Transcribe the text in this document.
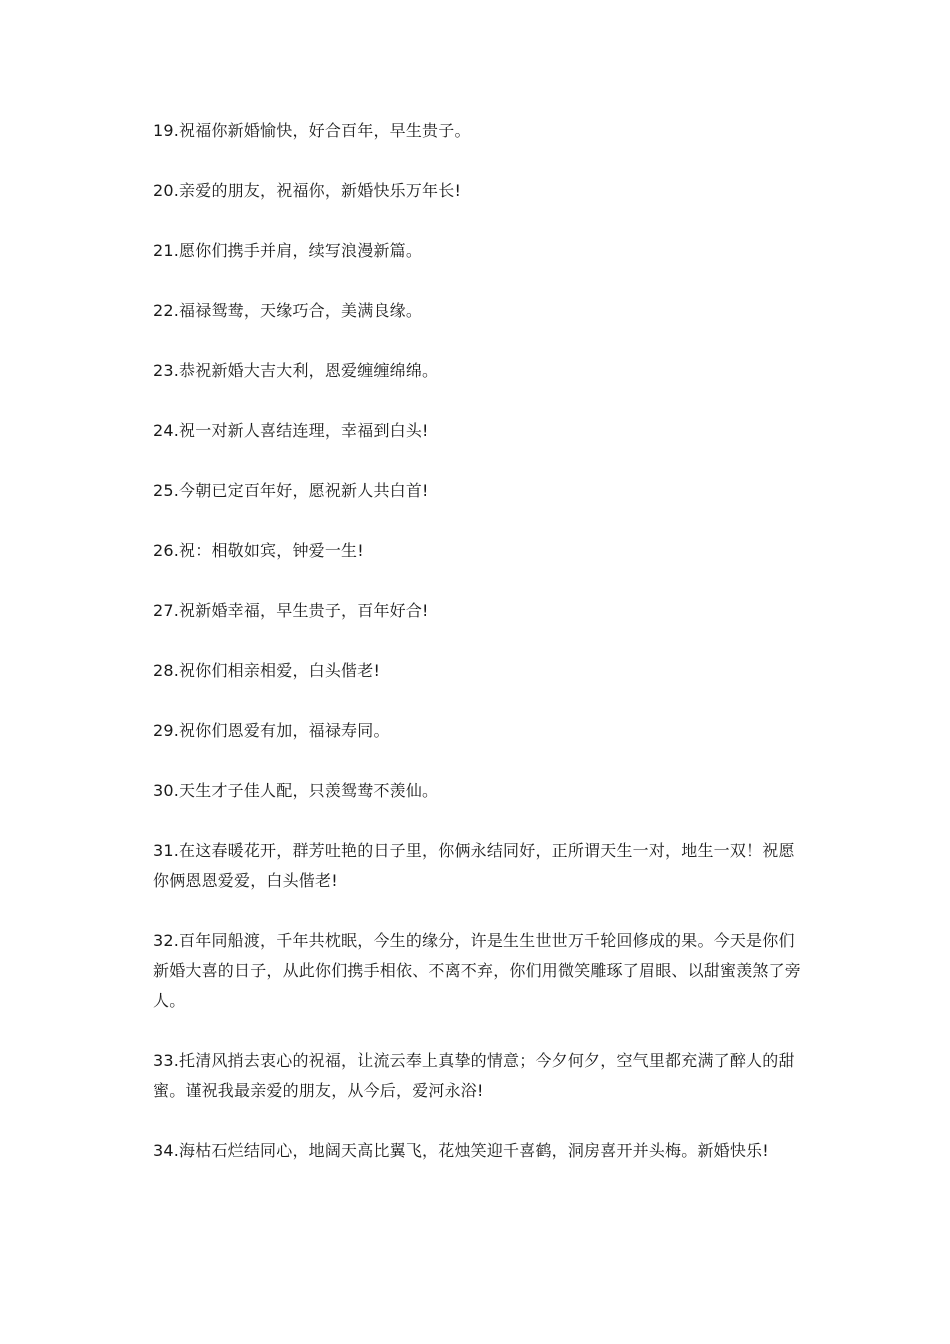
19.祝福你新婚愉快，好合百年，早生贵子。

20.亲爱的朋友，祝福你，新婚快乐万年长!

21.愿你们携手并肩，续写浪漫新篇。

22.福禄鸳鸯，天缘巧合，美满良缘。

23.恭祝新婚大吉大利，恩爱缠缠绵绵。

24.祝一对新人喜结连理，幸福到白头!

25.今朝已定百年好，愿祝新人共白首!

26.祝：相敬如宾，钟爱一生!

27.祝新婚幸福，早生贵子，百年好合!

28.祝你们相亲相爱，白头偕老!

29.祝你们恩爱有加，福禄寿同。

30.天生才子佳人配，只羡鸳鸯不羡仙。

31.在这春暖花开，群芳吐艳的日子里，你俩永结同好，正所谓天生一对，地生一双！祝愿你俩恩恩爱爱，白头偕老!

32.百年同船渡，千年共枕眠，今生的缘分，许是生生世世万千轮回修成的果。今天是你们新婚大喜的日子，从此你们携手相依、不离不弃，你们用微笑雕琢了眉眼、以甜蜜羡煞了旁人。

33.托清风捎去衷心的祝福，让流云奉上真挚的情意；今夕何夕，空气里都充满了醉人的甜蜜。谨祝我最亲爱的朋友，从今后，爱河永浴!

34.海枯石烂结同心，地阔天高比翼飞，花烛笑迎千喜鹤，洞房喜开并头梅。新婚快乐!
